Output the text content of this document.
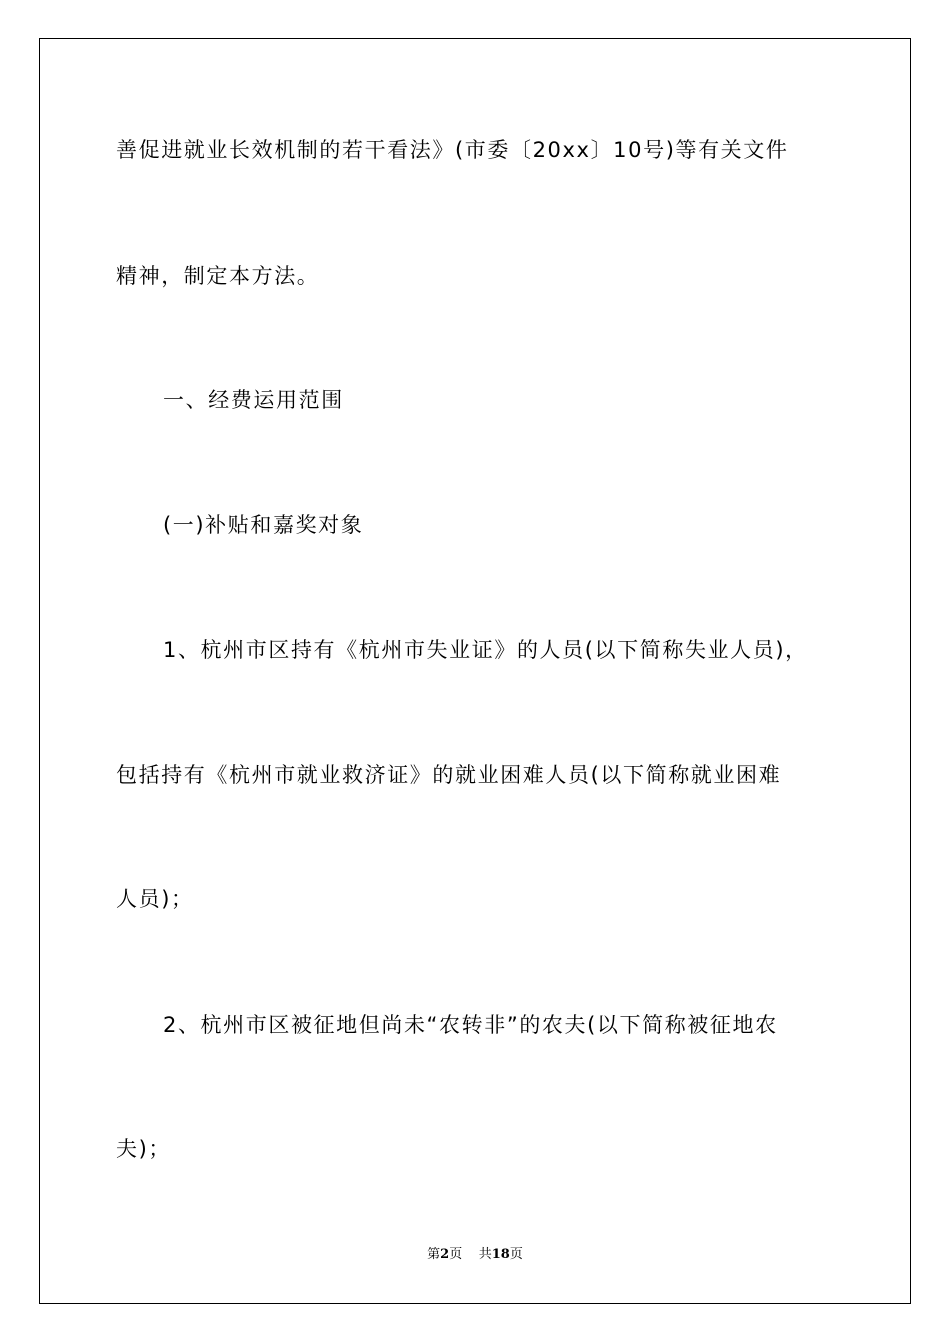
善促进就业长效机制的若干看法》(市委〔20xx〕10号)等有关文件
精神，制定本方法。
一、经费运用范围
(一)补贴和嘉奖对象
1、杭州市区持有《杭州市失业证》的人员(以下简称失业人员)，
包括持有《杭州市就业救济证》的就业困难人员(以下简称就业困难
人员)；
2、杭州市区被征地但尚未“农转非”的农夫(以下简称被征地农
夫)；
第2页 共18页
